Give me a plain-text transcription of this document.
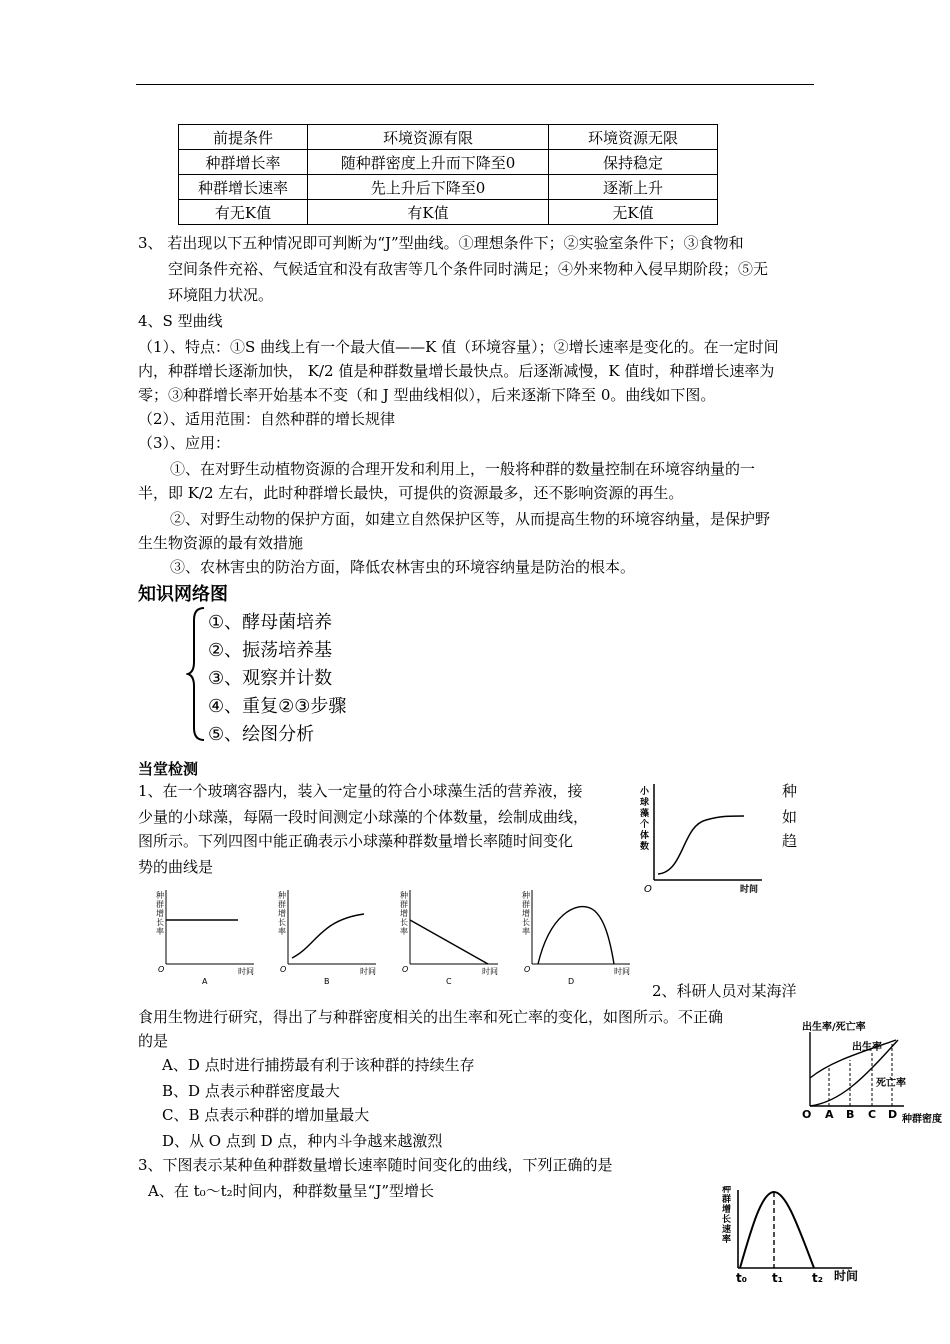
前提条件	环境资源有限	环境资源无限
种群增长率	随种群密度上升而下降至0	保持稳定
种群增长速率	先上升后下降至0	逐渐上升
有无K值	有K值	无K值
3、 若出现以下五种情况即可判断为“J”型曲线。①理想条件下；②实验室条件下；③食物和
空间条件充裕、气候适宜和没有敌害等几个条件同时满足；④外来物种入侵早期阶段；⑤无
环境阻力状况。
4、S 型曲线
（1）、特点：①S 曲线上有一个最大值——K 值（环境容量）；②增长速率是变化的。在一定时间
内，种群增长逐渐加快， K/2 值是种群数量增长最快点。后逐渐减慢，K 值时，种群增长速率为
零；③种群增长率开始基本不变（和 J 型曲线相似），后来逐渐下降至 0。曲线如下图。
（2）、适用范围：自然种群的增长规律
（3）、应用：
①、在对野生动植物资源的合理开发和利用上，一般将种群的数量控制在环境容纳量的一
半，即 K/2 左右，此时种群增长最快，可提供的资源最多，还不影响资源的再生。
②、对野生动物的保护方面，如建立自然保护区等，从而提高生物的环境容纳量，是保护野
生生物资源的最有效措施
③、农林害虫的防治方面，降低农林害虫的环境容纳量是防治的根本。
知识网络图
①、酵母菌培养
②、振荡培养基
③、观察并计数
④、重复②③步骤
⑤、绘图分析
当堂检测
1、在一个玻璃容器内，装入一定量的符合小球藻生活的营养液，接	种
少量的小球藻，每隔一段时间测定小球藻的个体数量，绘制成曲线，	如
图所示。下列四图中能正确表示小球藻种群数量增长率随时间变化	趋
势的曲线是
O	时间
小球藻个体数
O	时间
A
种群增长率
O	时间
B
种群增长率
O	时间
C
种群增长率
O	时间
D
种群增长率
2、科研人员对某海洋
食用生物进行研究，得出了与种群密度相关的出生率和死亡率的变化，如图所示。不正确
的是
A、D 点时进行捕捞最有利于该种群的持续生存
B、D 点表示种群密度最大
C、B 点表示种群的增加量最大
D、从 O 点到 D 点，种内斗争越来越激烈
出生率/死亡率
出生率
死亡率
O A B C D 种群密度
3、下图表示某种鱼种群数量增长速率随时间变化的曲线，下列正确的是
A、在 t₀～t₂时间内，种群数量呈“J”型增长	种群增长速率
t₀ t₁ t₂ 时间
